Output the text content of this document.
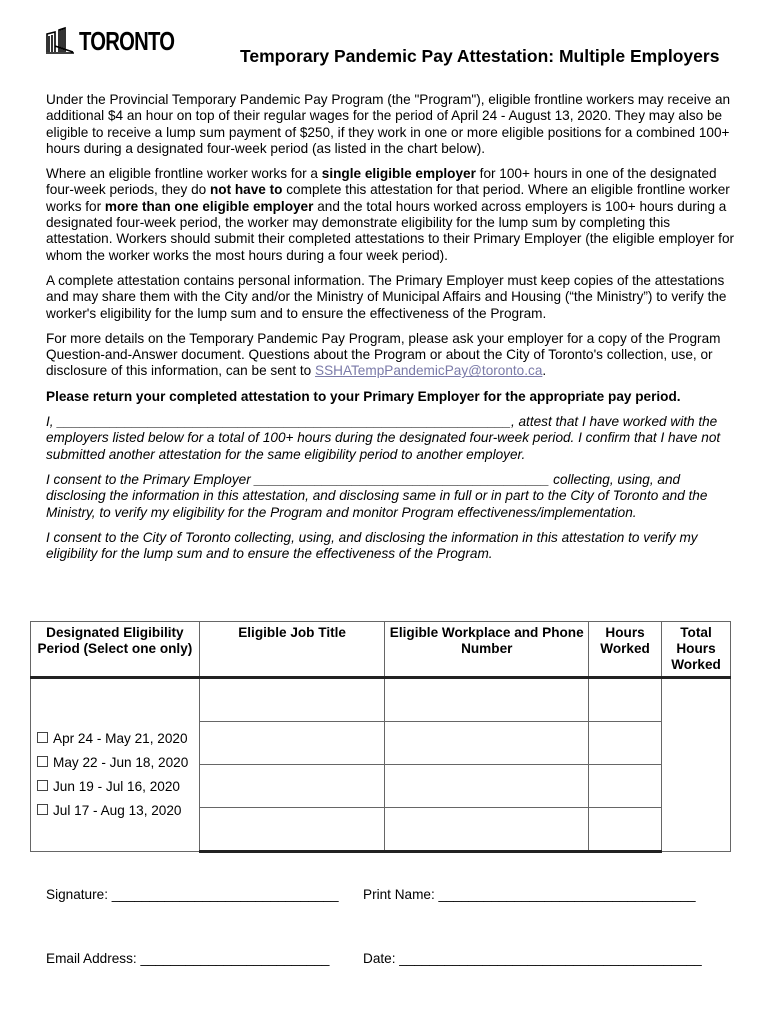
TORONTO	Temporary Pandemic Pay Attestation: Multiple Employers

Under the Provincial Temporary Pandemic Pay Program (the "Program"), eligible frontline workers may receive an additional $4 an hour on top of their regular wages for the period of April 24 - August 13, 2020. They may also be eligible to receive a lump sum payment of $250, if they work in one or more eligible positions for a combined 100+ hours during a designated four-week period (as listed in the chart below).

Where an eligible frontline worker works for a single eligible employer for 100+ hours in one of the designated four-week periods, they do not have to complete this attestation for that period. Where an eligible frontline worker works for more than one eligible employer and the total hours worked across employers is 100+ hours during a designated four-week period, the worker may demonstrate eligibility for the lump sum by completing this attestation. Workers should submit their completed attestations to their Primary Employer (the eligible employer for whom the worker works the most hours during a four week period).

A complete attestation contains personal information. The Primary Employer must keep copies of the attestations and may share them with the City and/or the Ministry of Municipal Affairs and Housing (“the Ministry”) to verify the worker's eligibility for the lump sum and to ensure the effectiveness of the Program.

For more details on the Temporary Pandemic Pay Program, please ask your employer for a copy of the Program Question-and-Answer document. Questions about the Program or about the City of Toronto's collection, use, or disclosure of this information, can be sent to SSHATempPandemicPay@toronto.ca.

Please return your completed attestation to your Primary Employer for the appropriate pay period.

I, ____________________________________________________________, attest that I have worked with the employers listed below for a total of 100+ hours during the designated four-week period. I confirm that I have not submitted another attestation for the same eligibility period to another employer.

I consent to the Primary Employer _______________________________________ collecting, using, and disclosing the information in this attestation, and disclosing same in full or in part to the City of Toronto and the Ministry, to verify my eligibility for the Program and monitor Program effectiveness/implementation.

I consent to the City of Toronto collecting, using, and disclosing the information in this attestation to verify my eligibility for the lump sum and to ensure the effectiveness of the Program.

Designated Eligibility Period (Select one only)	Eligible Job Title	Eligible Workplace and Phone Number	Hours Worked	Total Hours Worked

Apr 24 - May 21, 2020
May 22 - Jun 18, 2020
Jun 19 - Jul 16, 2020
Jul 17 - Aug 13, 2020				

Signature: ______________________________ Print Name: __________________________________
Email Address: _________________________ Date: ________________________________________
